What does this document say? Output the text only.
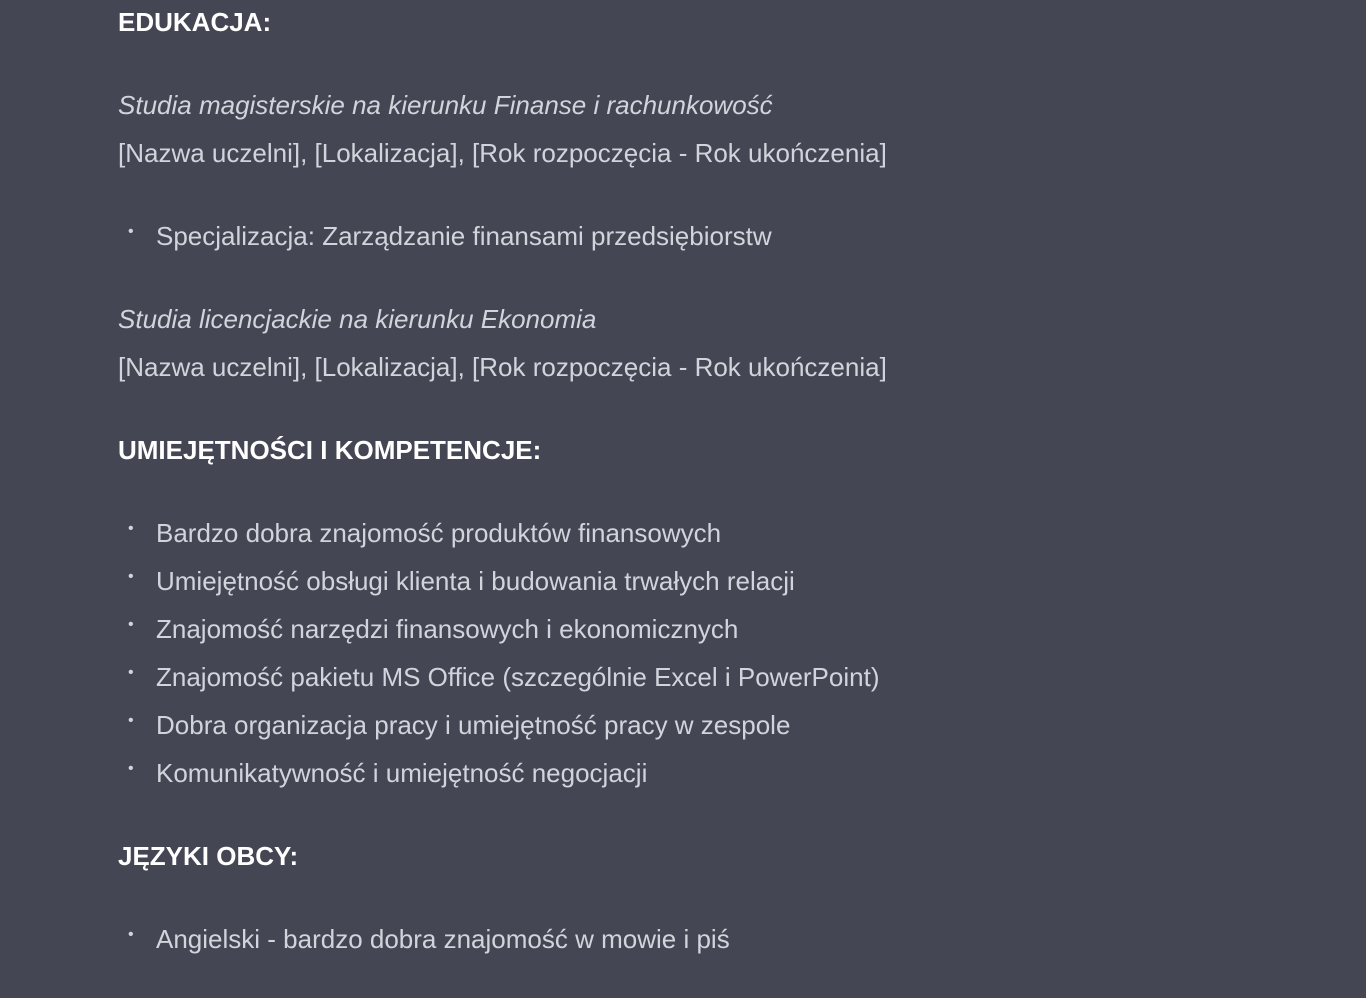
EDUKACJA:
Studia magisterskie na kierunku Finanse i rachunkowość
[Nazwa uczelni], [Lokalizacja], [Rok rozpoczęcia - Rok ukończenia]
• Specjalizacja: Zarządzanie finansami przedsiębiorstw
Studia licencjackie na kierunku Ekonomia
[Nazwa uczelni], [Lokalizacja], [Rok rozpoczęcia - Rok ukończenia]
UMIEJĘTNOŚCI I KOMPETENCJE:
• Bardzo dobra znajomość produktów finansowych
• Umiejętność obsługi klienta i budowania trwałych relacji
• Znajomość narzędzi finansowych i ekonomicznych
• Znajomość pakietu MS Office (szczególnie Excel i PowerPoint)
• Dobra organizacja pracy i umiejętność pracy w zespole
• Komunikatywność i umiejętność negocjacji
JĘZYKI OBCY:
• Angielski - bardzo dobra znajomość w mowie i piś
